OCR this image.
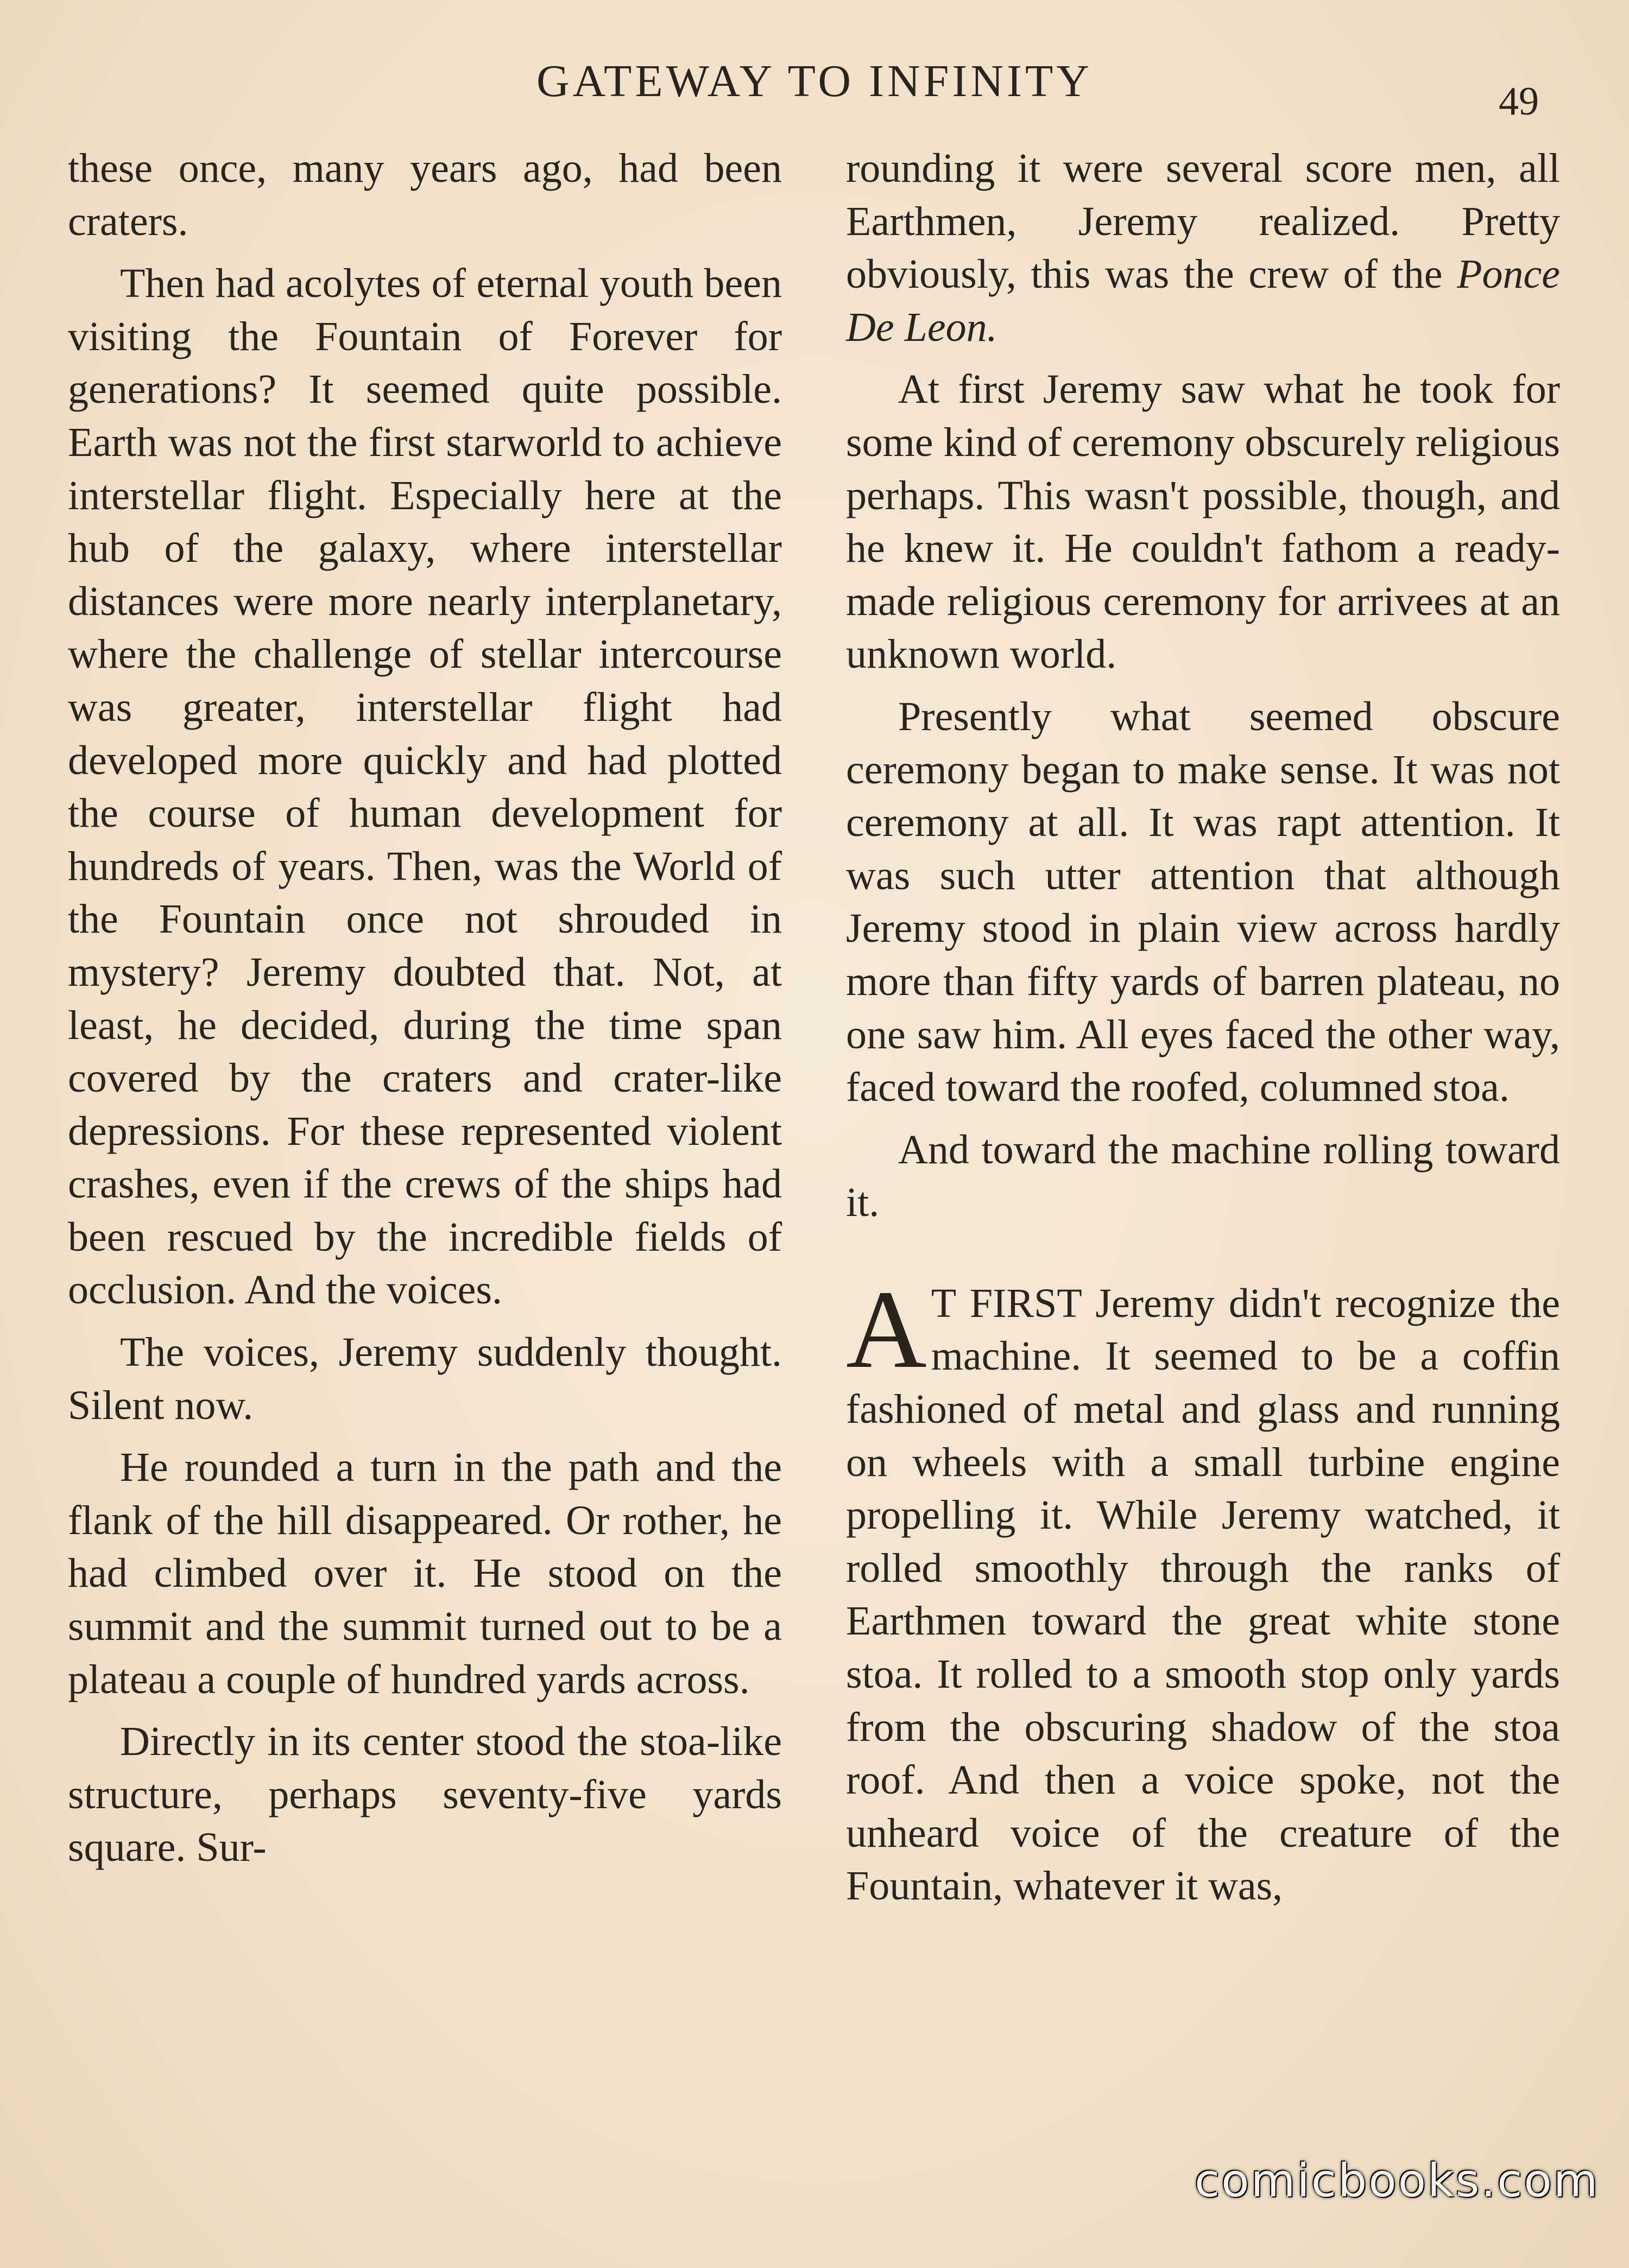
GATEWAY TO INFINITY	49

these once, many years ago, had been craters.

Then had acolytes of eternal youth been visiting the Fountain of Forever for generations? It seemed quite possible. Earth was not the first starworld to achieve interstellar flight. Especially here at the hub of the galaxy, where interstellar distances were more nearly interplanetary, where the challenge of stellar intercourse was greater, interstellar flight had developed more quickly and had plotted the course of human development for hundreds of years. Then, was the World of the Fountain once not shrouded in mystery? Jeremy doubted that. Not, at least, he decided, during the time span covered by the craters and crater-like depressions. For these represented violent crashes, even if the crews of the ships had been rescued by the incredible fields of occlusion. And the voices.

The voices, Jeremy suddenly thought. Silent now.

He rounded a turn in the path and the flank of the hill disappeared. Or rother, he had climbed over it. He stood on the summit and the summit turned out to be a plateau a couple of hundred yards across.

Directly in its center stood the stoa-like structure, perhaps seventy-five yards square. Sur-

rounding it were several score men, all Earthmen, Jeremy realized. Pretty obviously, this was the crew of the Ponce De Leon.

At first Jeremy saw what he took for some kind of ceremony obscurely religious perhaps. This wasn't possible, though, and he knew it. He couldn't fathom a ready-made religious ceremony for arrivees at an unknown world.

Presently what seemed obscure ceremony began to make sense. It was not ceremony at all. It was rapt attention. It was such utter attention that although Jeremy stood in plain view across hardly more than fifty yards of barren plateau, no one saw him. All eyes faced the other way, faced toward the roofed, columned stoa.

And toward the machine rolling toward it.

A T FIRST Jeremy didn't recognize the machine. It seemed to be a coffin fashioned of metal and glass and running on wheels with a small turbine engine propelling it. While Jeremy watched, it rolled smoothly through the ranks of Earthmen toward the great white stone stoa. It rolled to a smooth stop only yards from the obscuring shadow of the stoa roof. And then a voice spoke, not the unheard voice of the creature of the Fountain, whatever it was,

comicbooks.com
